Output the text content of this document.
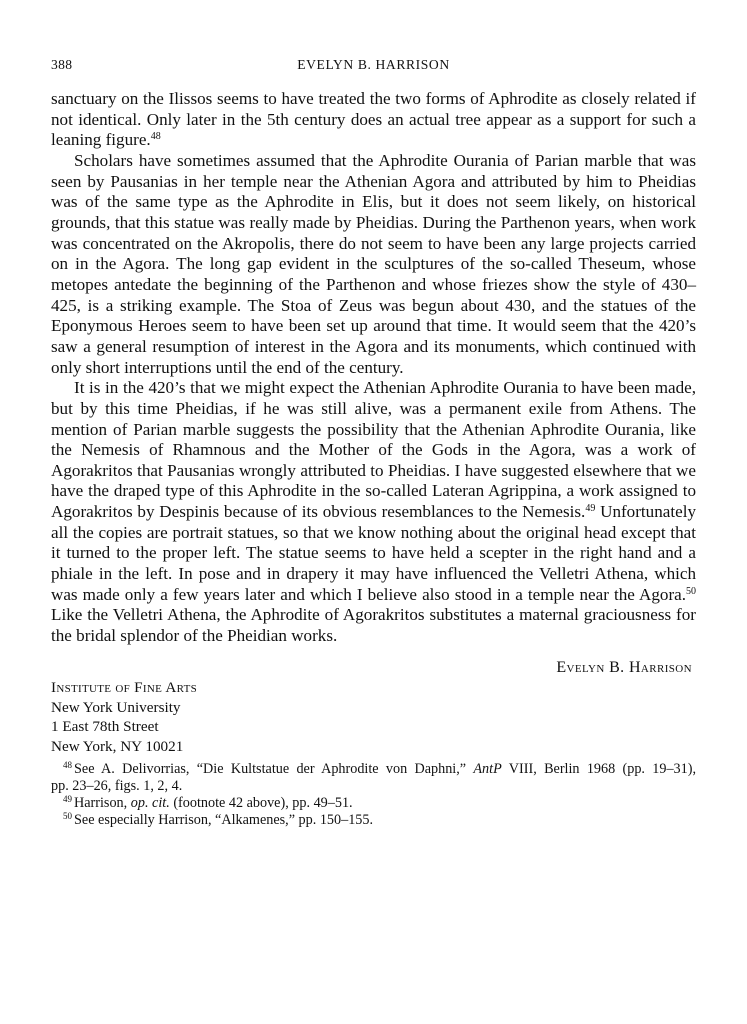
388	EVELYN B. HARRISON

sanctuary on the Ilissos seems to have treated the two forms of Aphrodite as closely related if not identical. Only later in the 5th century does an actual tree appear as a support for such a leaning figure.$^{48}$

Scholars have sometimes assumed that the Aphrodite Ourania of Parian marble that was seen by Pausanias in her temple near the Athenian Agora and attributed by him to Pheidias was of the same type as the Aphrodite in Elis, but it does not seem likely, on historical grounds, that this statue was really made by Pheidias. During the Parthenon years, when work was concentrated on the Akropolis, there do not seem to have been any large projects carried on in the Agora. The long gap evident in the sculptures of the so-called Theseum, whose metopes antedate the beginning of the Parthenon and whose friezes show the style of 430–425, is a striking example. The Stoa of Zeus was begun about 430, and the statues of the Eponymous Heroes seem to have been set up around that time. It would seem that the 420’s saw a general resumption of interest in the Agora and its monuments, which continued with only short interruptions until the end of the century.

It is in the 420’s that we might expect the Athenian Aphrodite Ourania to have been made, but by this time Pheidias, if he was still alive, was a permanent exile from Athens. The mention of Parian marble suggests the possibility that the Athenian Aphrodite Ourania, like the Nemesis of Rhamnous and the Mother of the Gods in the Agora, was a work of Agorakritos that Pausanias wrongly attributed to Pheidias. I have suggested elsewhere that we have the draped type of this Aphrodite in the so-called Lateran Agrippina, a work assigned to Agorakritos by Despinis because of its obvious resemblances to the Nemesis.$^{49}$ Unfortunately all the copies are portrait statues, so that we know nothing about the original head except that it turned to the proper left. The statue seems to have held a scepter in the right hand and a phiale in the left. In pose and in drapery it may have influenced the Velletri Athena, which was made only a few years later and which I believe also stood in a temple near the Agora.$^{50}$ Like the Velletri Athena, the Aphrodite of Agorakritos substitutes a maternal graciousness for the bridal splendor of the Pheidian works.

Evelyn B. Harrison
Institute of Fine Arts
New York University
1 East 78th Street
New York, NY 10021

$^{48}$ See A. Delivorrias, “Die Kultstatue der Aphrodite von Daphni,” AntP VIII, Berlin 1968 (pp. 19–31),
pp. 23–26, figs. 1, 2, 4.

$^{49}$ Harrison, op. cit. (footnote 42 above), pp. 49–51.

$^{50}$ See especially Harrison, “Alkamenes,” pp. 150–155.
